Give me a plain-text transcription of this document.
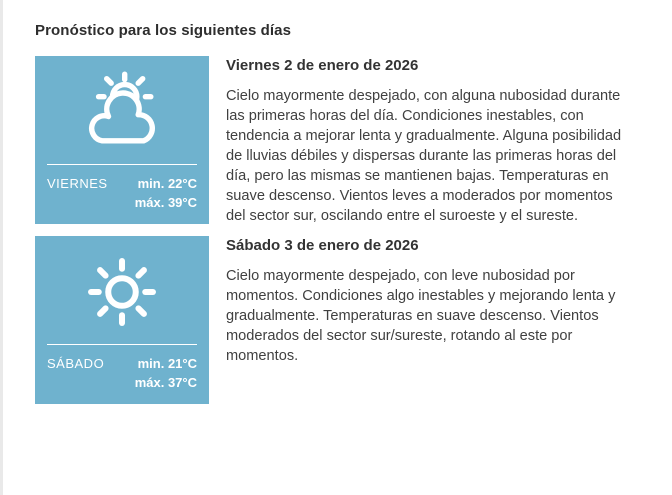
Pronóstico para los siguientes días
VIERNES min. 22°C
máx. 39°C
Viernes 2 de enero de 2026

Cielo mayormente despejado, con alguna nubosidad durante las primeras horas del día. Condiciones inestables, con tendencia a mejorar lenta y gradualmente. Alguna posibilidad de lluvias débiles y dispersas durante las primeras horas del día, pero las mismas se mantienen bajas. Temperaturas en suave descenso. Vientos leves a moderados por momentos del sector sur, oscilando entre el suroeste y el sureste.

SÁBADO	min. 21°C
máx. 37°C
Sábado 3 de enero de 2026

Cielo mayormente despejado, con leve nubosidad por momentos. Condiciones algo inestables y mejorando lenta y gradualmente. Temperaturas en suave descenso. Vientos moderados del sector sur/sureste, rotando al este por momentos.
